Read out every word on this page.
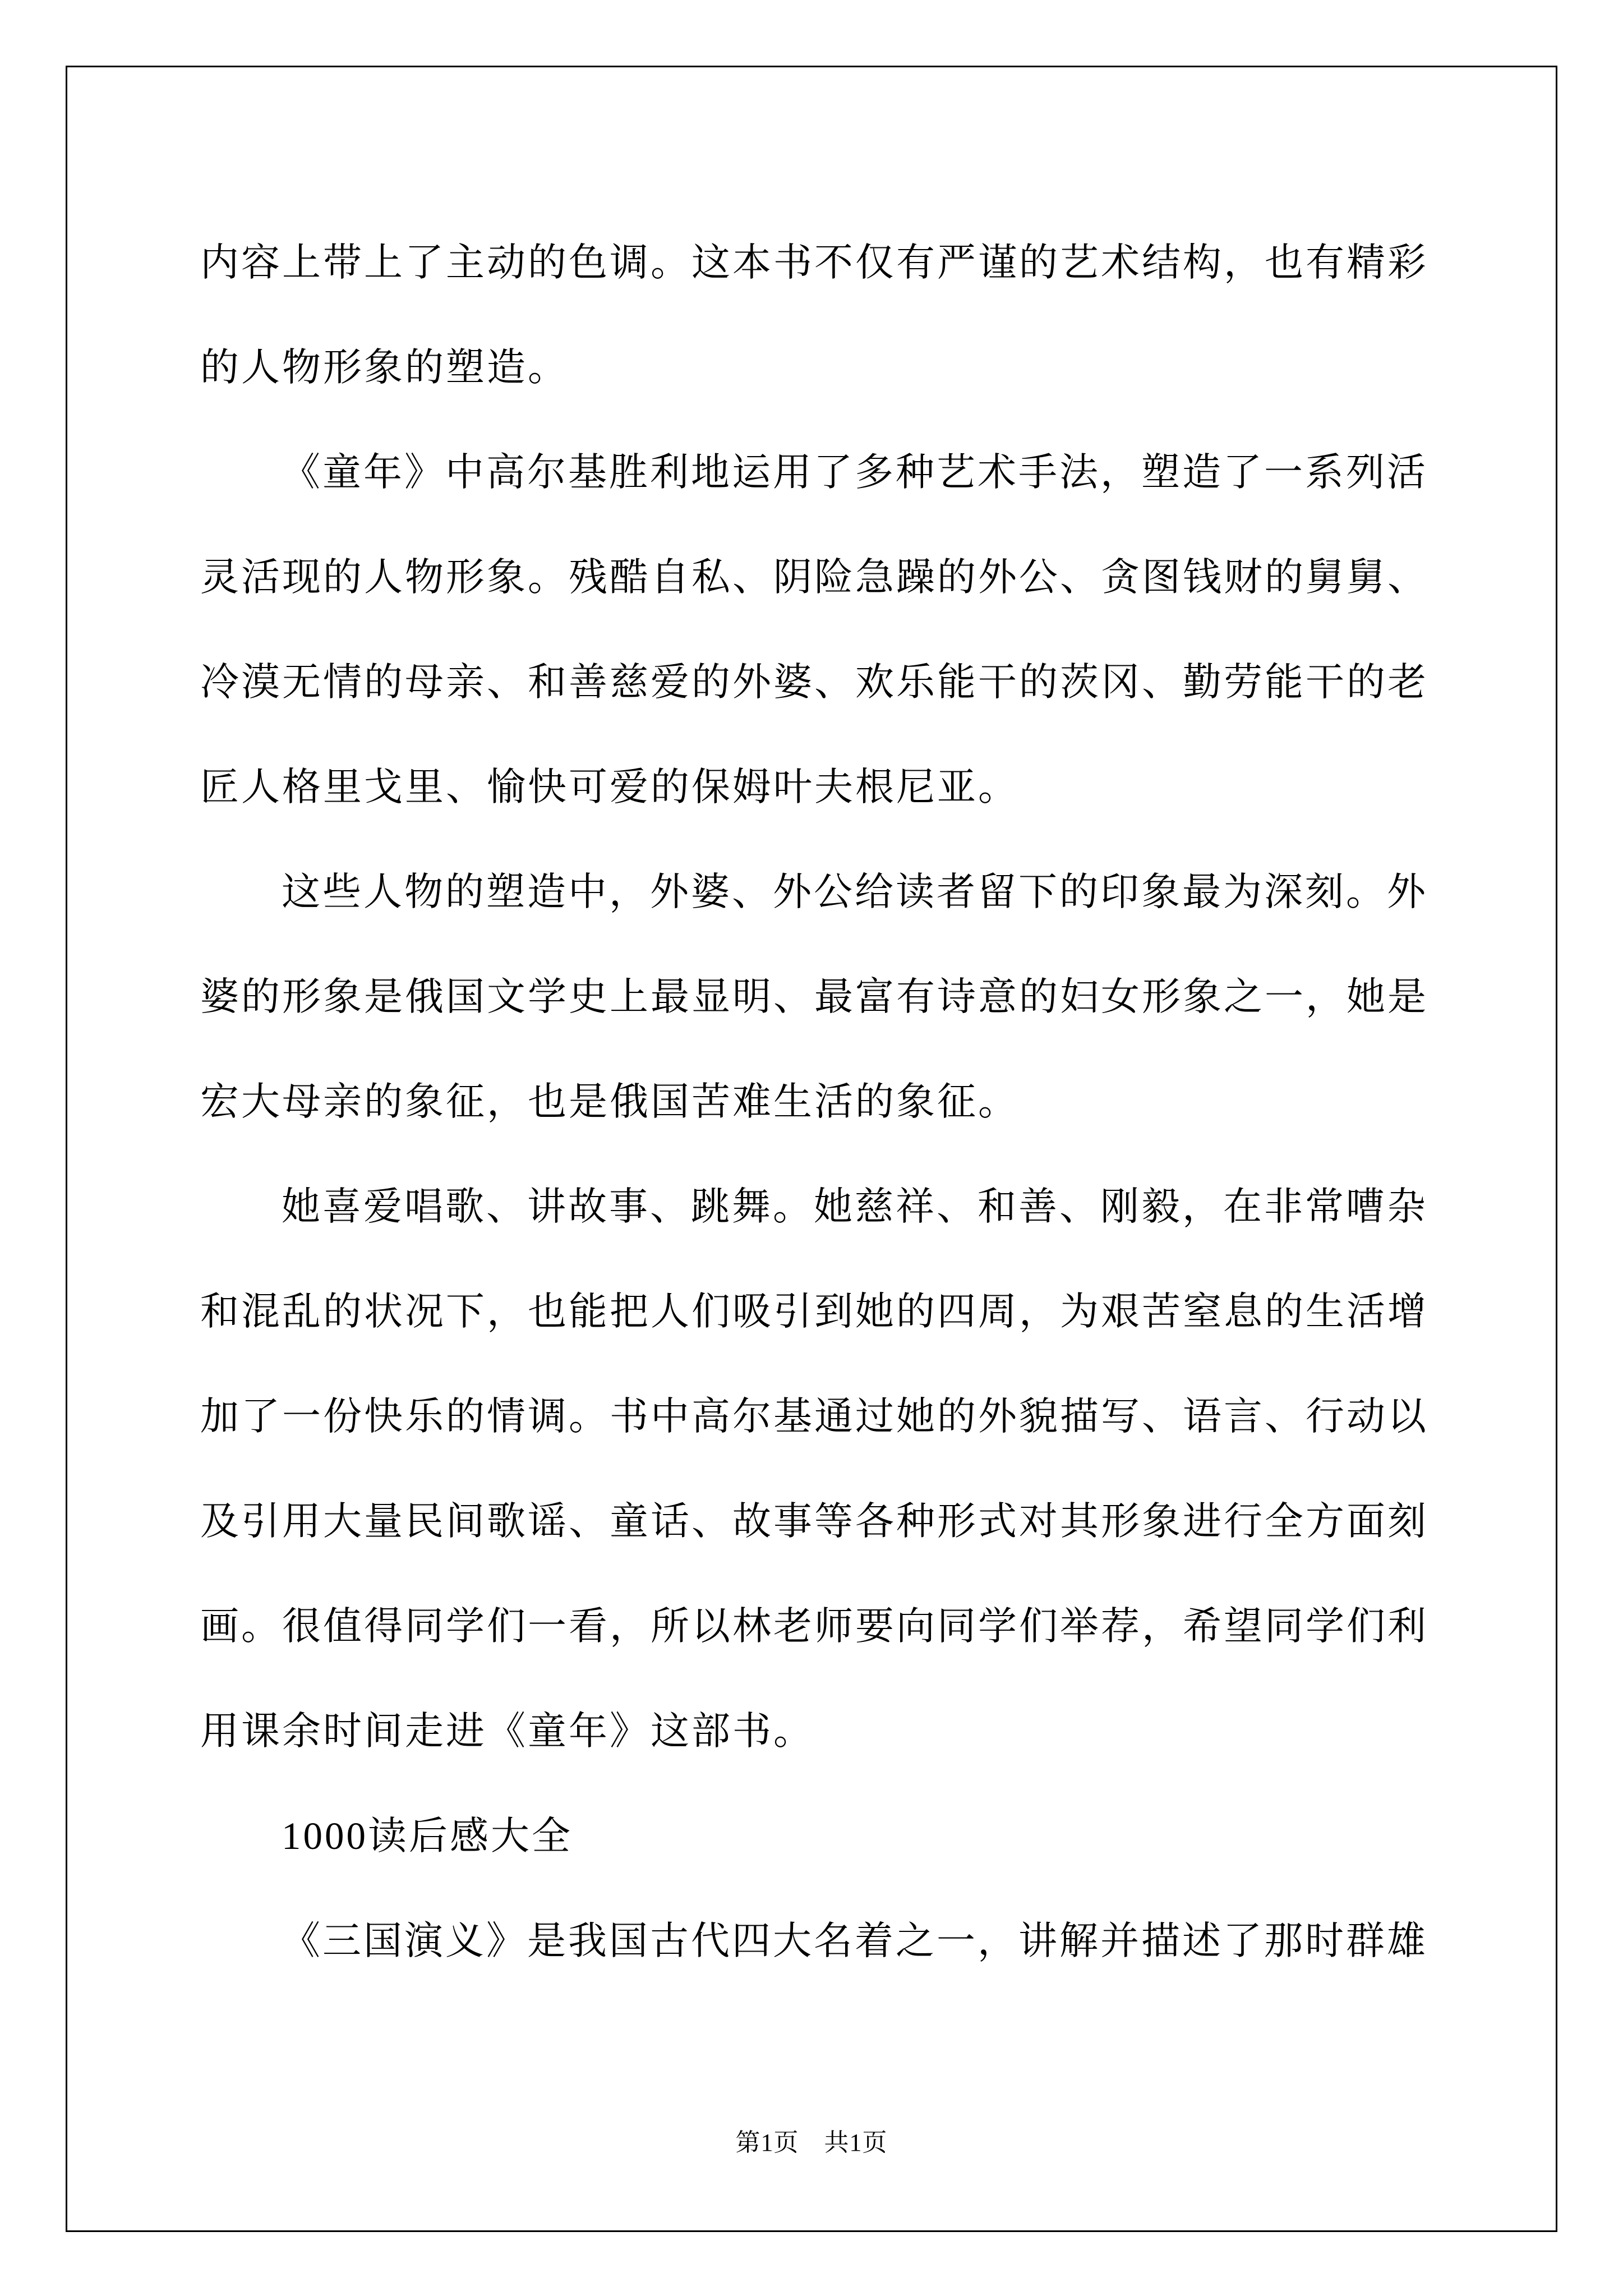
内容上带上了主动的色调。这本书不仅有严谨的艺术结构，也有精彩的人物形象的塑造。

《童年》中高尔基胜利地运用了多种艺术手法，塑造了一系列活灵活现的人物形象。残酷自私、阴险急躁的外公、贪图钱财的舅舅、冷漠无情的母亲、和善慈爱的外婆、欢乐能干的茨冈、勤劳能干的老匠人格里戈里、愉快可爱的保姆叶夫根尼亚。

这些人物的塑造中，外婆、外公给读者留下的印象最为深刻。外婆的形象是俄国文学史上最显明、最富有诗意的妇女形象之一，她是宏大母亲的象征，也是俄国苦难生活的象征。

她喜爱唱歌、讲故事、跳舞。她慈祥、和善、刚毅，在非常嘈杂和混乱的状况下，也能把人们吸引到她的四周，为艰苦窒息的生活增加了一份快乐的情调。书中高尔基通过她的外貌描写、语言、行动以及引用大量民间歌谣、童话、故事等各种形式对其形象进行全方面刻画。很值得同学们一看，所以林老师要向同学们举荐，希望同学们利用课余时间走进《童年》这部书。

1000读后感大全

《三国演义》是我国古代四大名着之一，讲解并描述了那时群雄

第1页　共1页
